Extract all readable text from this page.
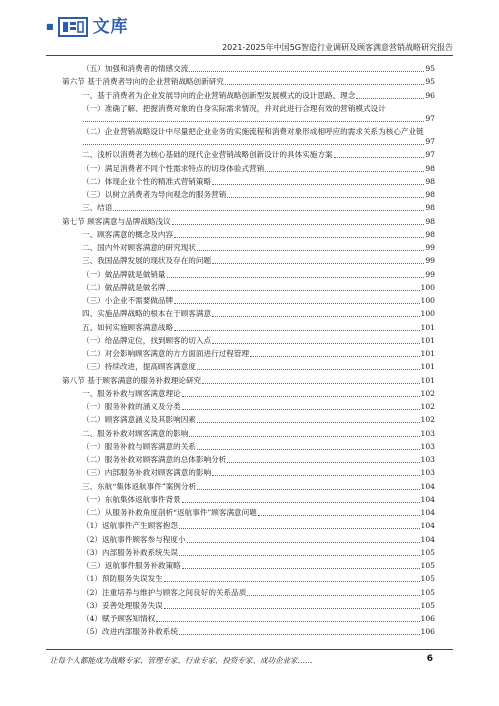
■ 文库
2021-2025年中国5G智造行业调研及顾客满意营销战略研究报告
（五）加强和消费者的情感交流	95
第六节 基于消费者导向的企业营销战略创新研究	95
一、基于消费者为企业发展导向的企业营销战略创新型发展模式的设计思路、理念	96
（一）准确了解、把握消费对象的自身实际需求情况，并对此进行合理有效的营销模式设计
97
（二）企业营销战略设计中尽量把企业业务的实施流程和消费对象形成相呼应的需求关系为核心产业链
97
二、浅析以消费者为核心基础的现代企业营销战略创新设计的具体实施方案	97
（一）满足消费者不同个性需求特点的切身体验式营销	98
（二）体现企业个性的精准式营销策略	98
（三）以树立消费者为导向观念的服务营销	98
三、结语	98
第七节 顾客满意与品牌战略浅议	98
一、顾客满意的概念及内容	98
二、国内外对顾客满意的研究现状	99
三、我国品牌发展的现状及存在的问题	99
（一）做品牌就是做销量	99
（二）做品牌就是做名牌	100
（三）小企业不需要做品牌	100
四、实施品牌战略的根本在于顾客满意	100
五、如何实施顾客满意战略	101
（一）给品牌定位，找到顾客的切入点	101
（二）对会影响顾客满意的方方面面进行过程管理	101
（三）持续改进，提高顾客满意度	101
第八节 基于顾客满意的服务补救理论研究	101
一、服务补救与顾客满意理论	102
（一）服务补救的涵义及分类	102
（二）顾客满意涵义及其影响因素	102
二、服务补救对顾客满意的影响	103
（一）服务补救与顾客满意的关系	103
（二）服务补救对顾客满意的总体影响分析	103
（三）内部服务补救对顾客满意的影响	103
三、东航“集体返航事件”案例分析	104
（一）东航集体返航事件背景	104
（二）从服务补救角度剖析“返航事件”顾客满意问题	104
（1）返航事件产生顾客抱怨	104
（2）返航事件顾客参与程度小	104
（3）内部服务补救系统失误	105
（三）返航事件服务补救策略	105
（1）预防服务失误发生	105
（2）注重培养与维护与顾客之间良好的关系品质	105
（3）妥善处理服务失误	105
（4）赋予顾客知情权	106
（5）改进内部服务补救系统	106
让每个人都能成为战略专家、管理专家、行业专家、投资专家、成功企业家……	6
